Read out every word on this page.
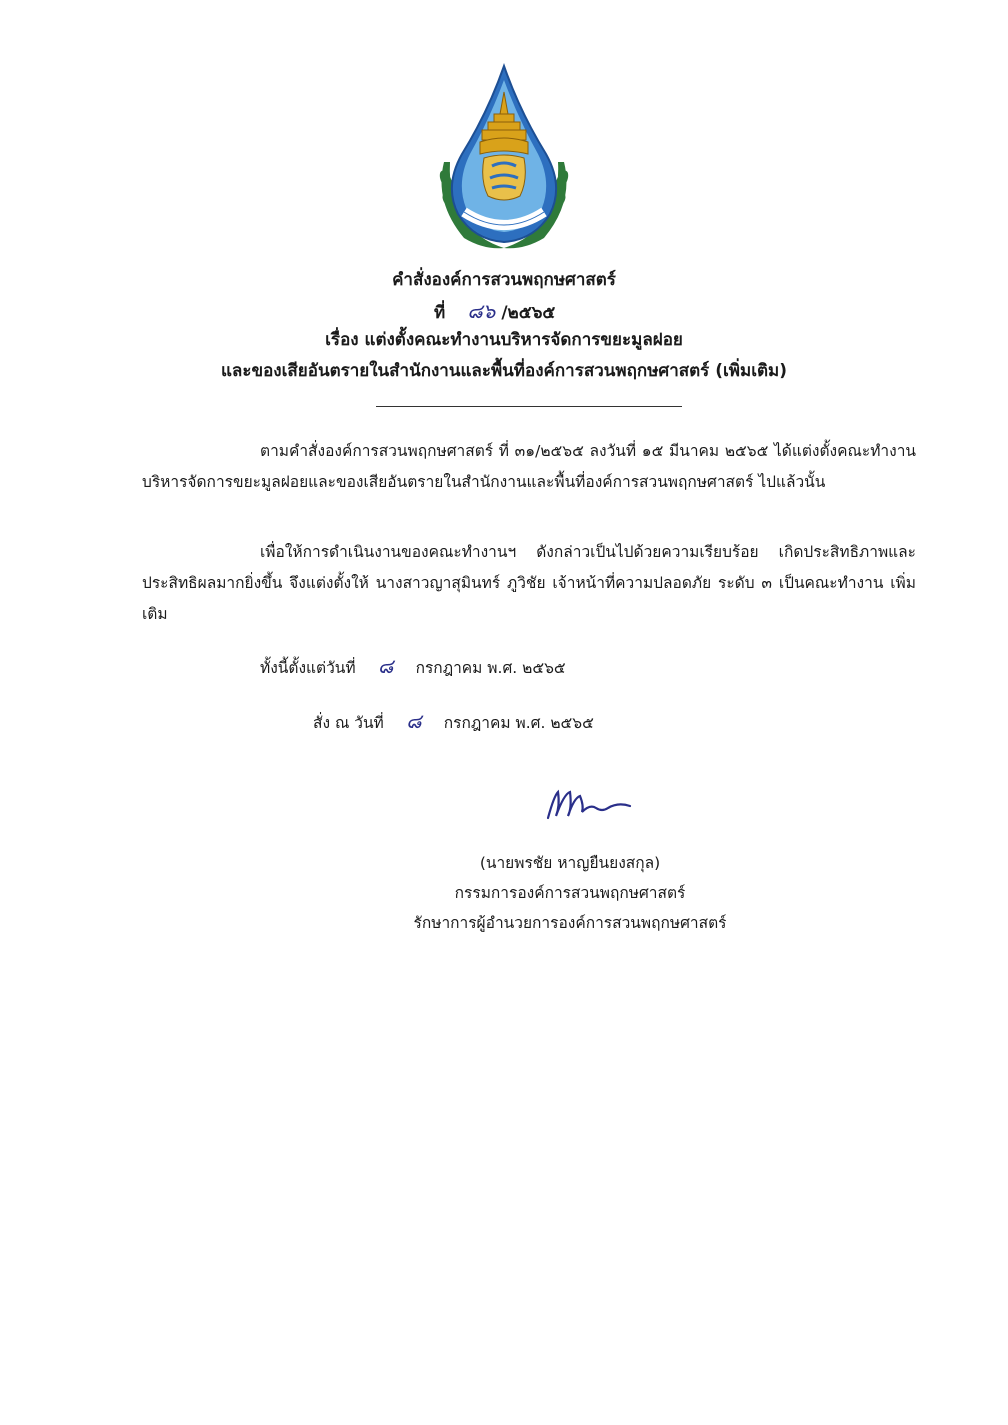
คำสั่งองค์การสวนพฤกษศาสตร์
ที่ ๘๖ /๒๕๖๕
เรื่อง แต่งตั้งคณะทำงานบริหารจัดการขยะมูลฝอย
และของเสียอันตรายในสำนักงานและพื้นที่องค์การสวนพฤกษศาสตร์ (เพิ่มเติม)
ตามคำสั่งองค์การสวนพฤกษศาสตร์ ที่ ๓๑/๒๕๖๕ ลงวันที่ ๑๕ มีนาคม ๒๕๖๕ ได้แต่งตั้งคณะทำงานบริหารจัดการขยะมูลฝอยและของเสียอันตรายในสำนักงานและพื้นที่องค์การสวนพฤกษศาสตร์ ไปแล้วนั้น
เพื่อให้การดำเนินงานของคณะทำงานฯ ดังกล่าวเป็นไปด้วยความเรียบร้อย เกิดประสิทธิภาพและประสิทธิผลมากยิ่งขึ้น จึงแต่งตั้งให้ นางสาวญาสุมินทร์ ภูวิชัย เจ้าหน้าที่ความปลอดภัย ระดับ ๓ เป็นคณะทำงาน เพิ่มเติม
ทั้งนี้ตั้งแต่วันที่ ๘ กรกฎาคม พ.ศ. ๒๕๖๕
สั่ง ณ วันที่ ๘ กรกฎาคม พ.ศ. ๒๕๖๕
(นายพรชัย หาญยืนยงสกุล)
กรรมการองค์การสวนพฤกษศาสตร์
รักษาการผู้อำนวยการองค์การสวนพฤกษศาสตร์
